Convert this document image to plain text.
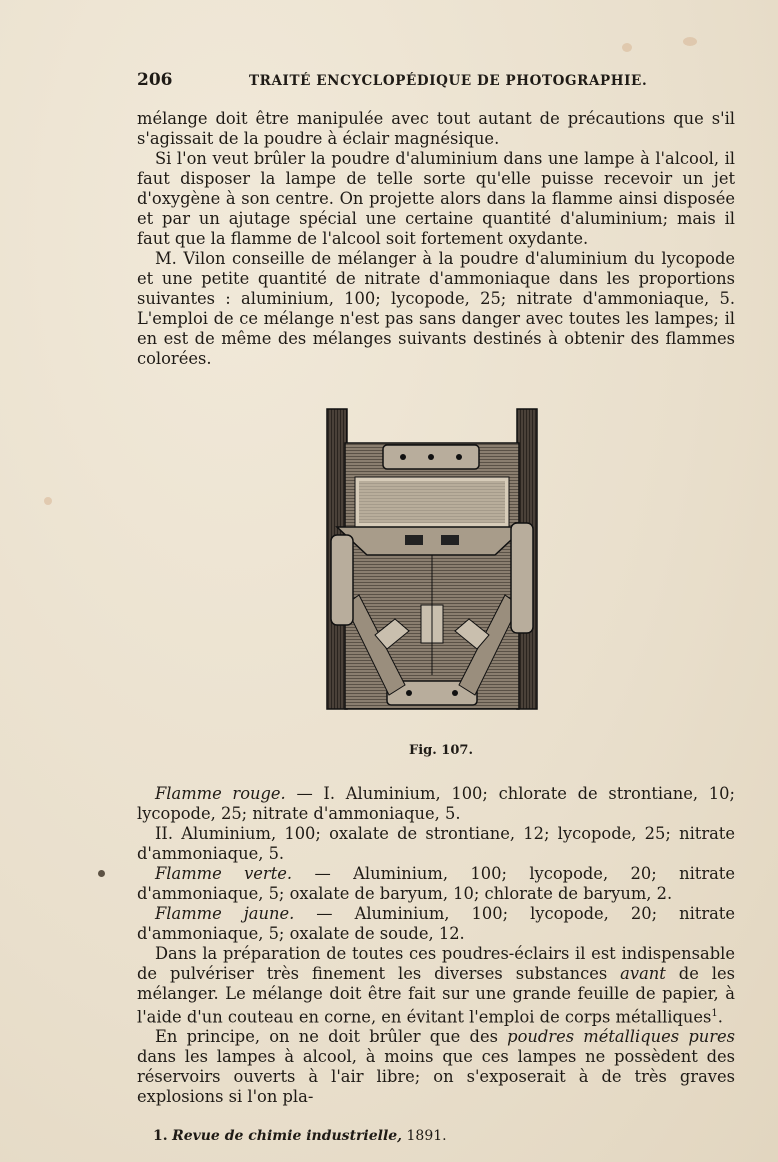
206	TRAITÉ ENCYCLOPÉDIQUE DE PHOTOGRAPHIE.

mélange doit être manipulée avec tout autant de précautions que s'il s'agissait de la poudre à éclair magnésique.

Si l'on veut brûler la poudre d'aluminium dans une lampe à l'alcool, il faut disposer la lampe de telle sorte qu'elle puisse recevoir un jet d'oxygène à son centre. On projette alors dans la flamme ainsi disposée et par un ajutage spécial une certaine quantité d'aluminium; mais il faut que la flamme de l'alcool soit fortement oxydante.

M. Vilon conseille de mélanger à la poudre d'aluminium du lycopode et une petite quantité de nitrate d'ammoniaque dans les proportions suivantes : aluminium, 100; lycopode, 25; nitrate d'ammoniaque, 5. L'emploi de ce mélange n'est pas sans danger avec toutes les lampes; il en est de même des mélanges suivants destinés à obtenir des flammes colorées.

Fig. 107.

Flamme rouge. — I. Aluminium, 100; chlorate de strontiane, 10; lycopode, 25; nitrate d'ammoniaque, 5.

II. Aluminium, 100; oxalate de strontiane, 12; lycopode, 25; nitrate d'ammoniaque, 5.

Flamme verte. — Aluminium, 100; lycopode, 20; nitrate d'ammoniaque, 5; oxalate de baryum, 10; chlorate de baryum, 2.

Flamme jaune. — Aluminium, 100; lycopode, 20; nitrate d'ammoniaque, 5; oxalate de soude, 12.

Dans la préparation de toutes ces poudres-éclairs il est indispensable de pulvériser très finement les diverses substances avant de les mélanger. Le mélange doit être fait sur une grande feuille de papier, à l'aide d'un couteau en corne, en évitant l'emploi de corps métalliques$^1$.

En principe, on ne doit brûler que des poudres métalliques pures dans les lampes à alcool, à moins que ces lampes ne possèdent des réservoirs ouverts à l'air libre; on s'exposerait à de très graves explosions si l'on pla-

1. Revue de chimie industrielle, 1891.
